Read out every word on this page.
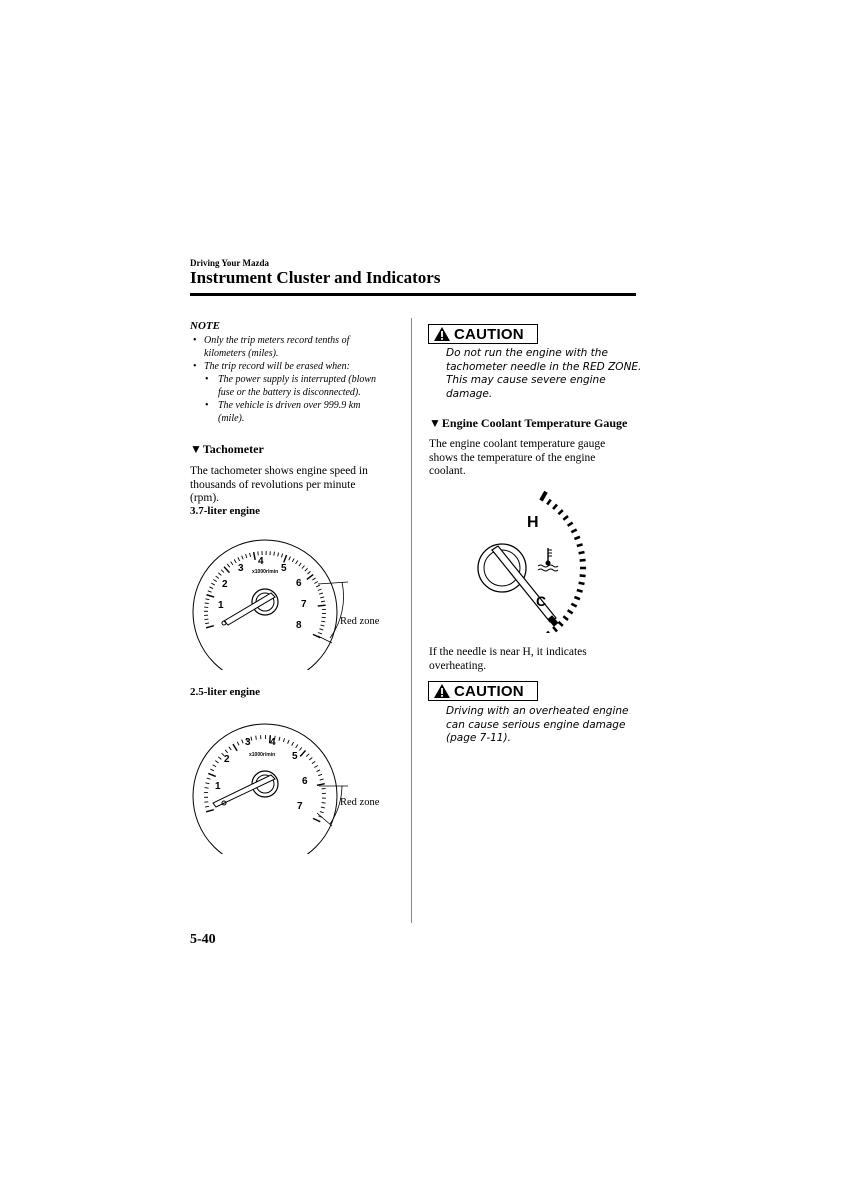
Driving Your Mazda
Instrument Cluster and Indicators
NOTE
• Only the trip meters record tenths of
kilometers (miles).
• The trip record will be erased when:
• The power supply is interrupted (blown
fuse or the battery is disconnected).
• The vehicle is driven over 999.9 km
(mile).
▼Tachometer
The tachometer shows engine speed in
thousands of revolutions per minute
(rpm).
3.7-liter engine
1
2
3
4
5
6
7
8
x1000r/min
Red zone
2.5-liter engine
1
2
3 4
5
6
7
x1000r/min
Red zone
CAUTION
Do not run the engine with the
tachometer needle in the RED ZONE.
This may cause severe engine
damage.
▼Engine Coolant Temperature Gauge
The engine coolant temperature gauge
shows the temperature of the engine
coolant.
H
C
If the needle is near H, it indicates
overheating.
CAUTION
Driving with an overheated engine
can cause serious engine damage
(page 7-11).
5-40
